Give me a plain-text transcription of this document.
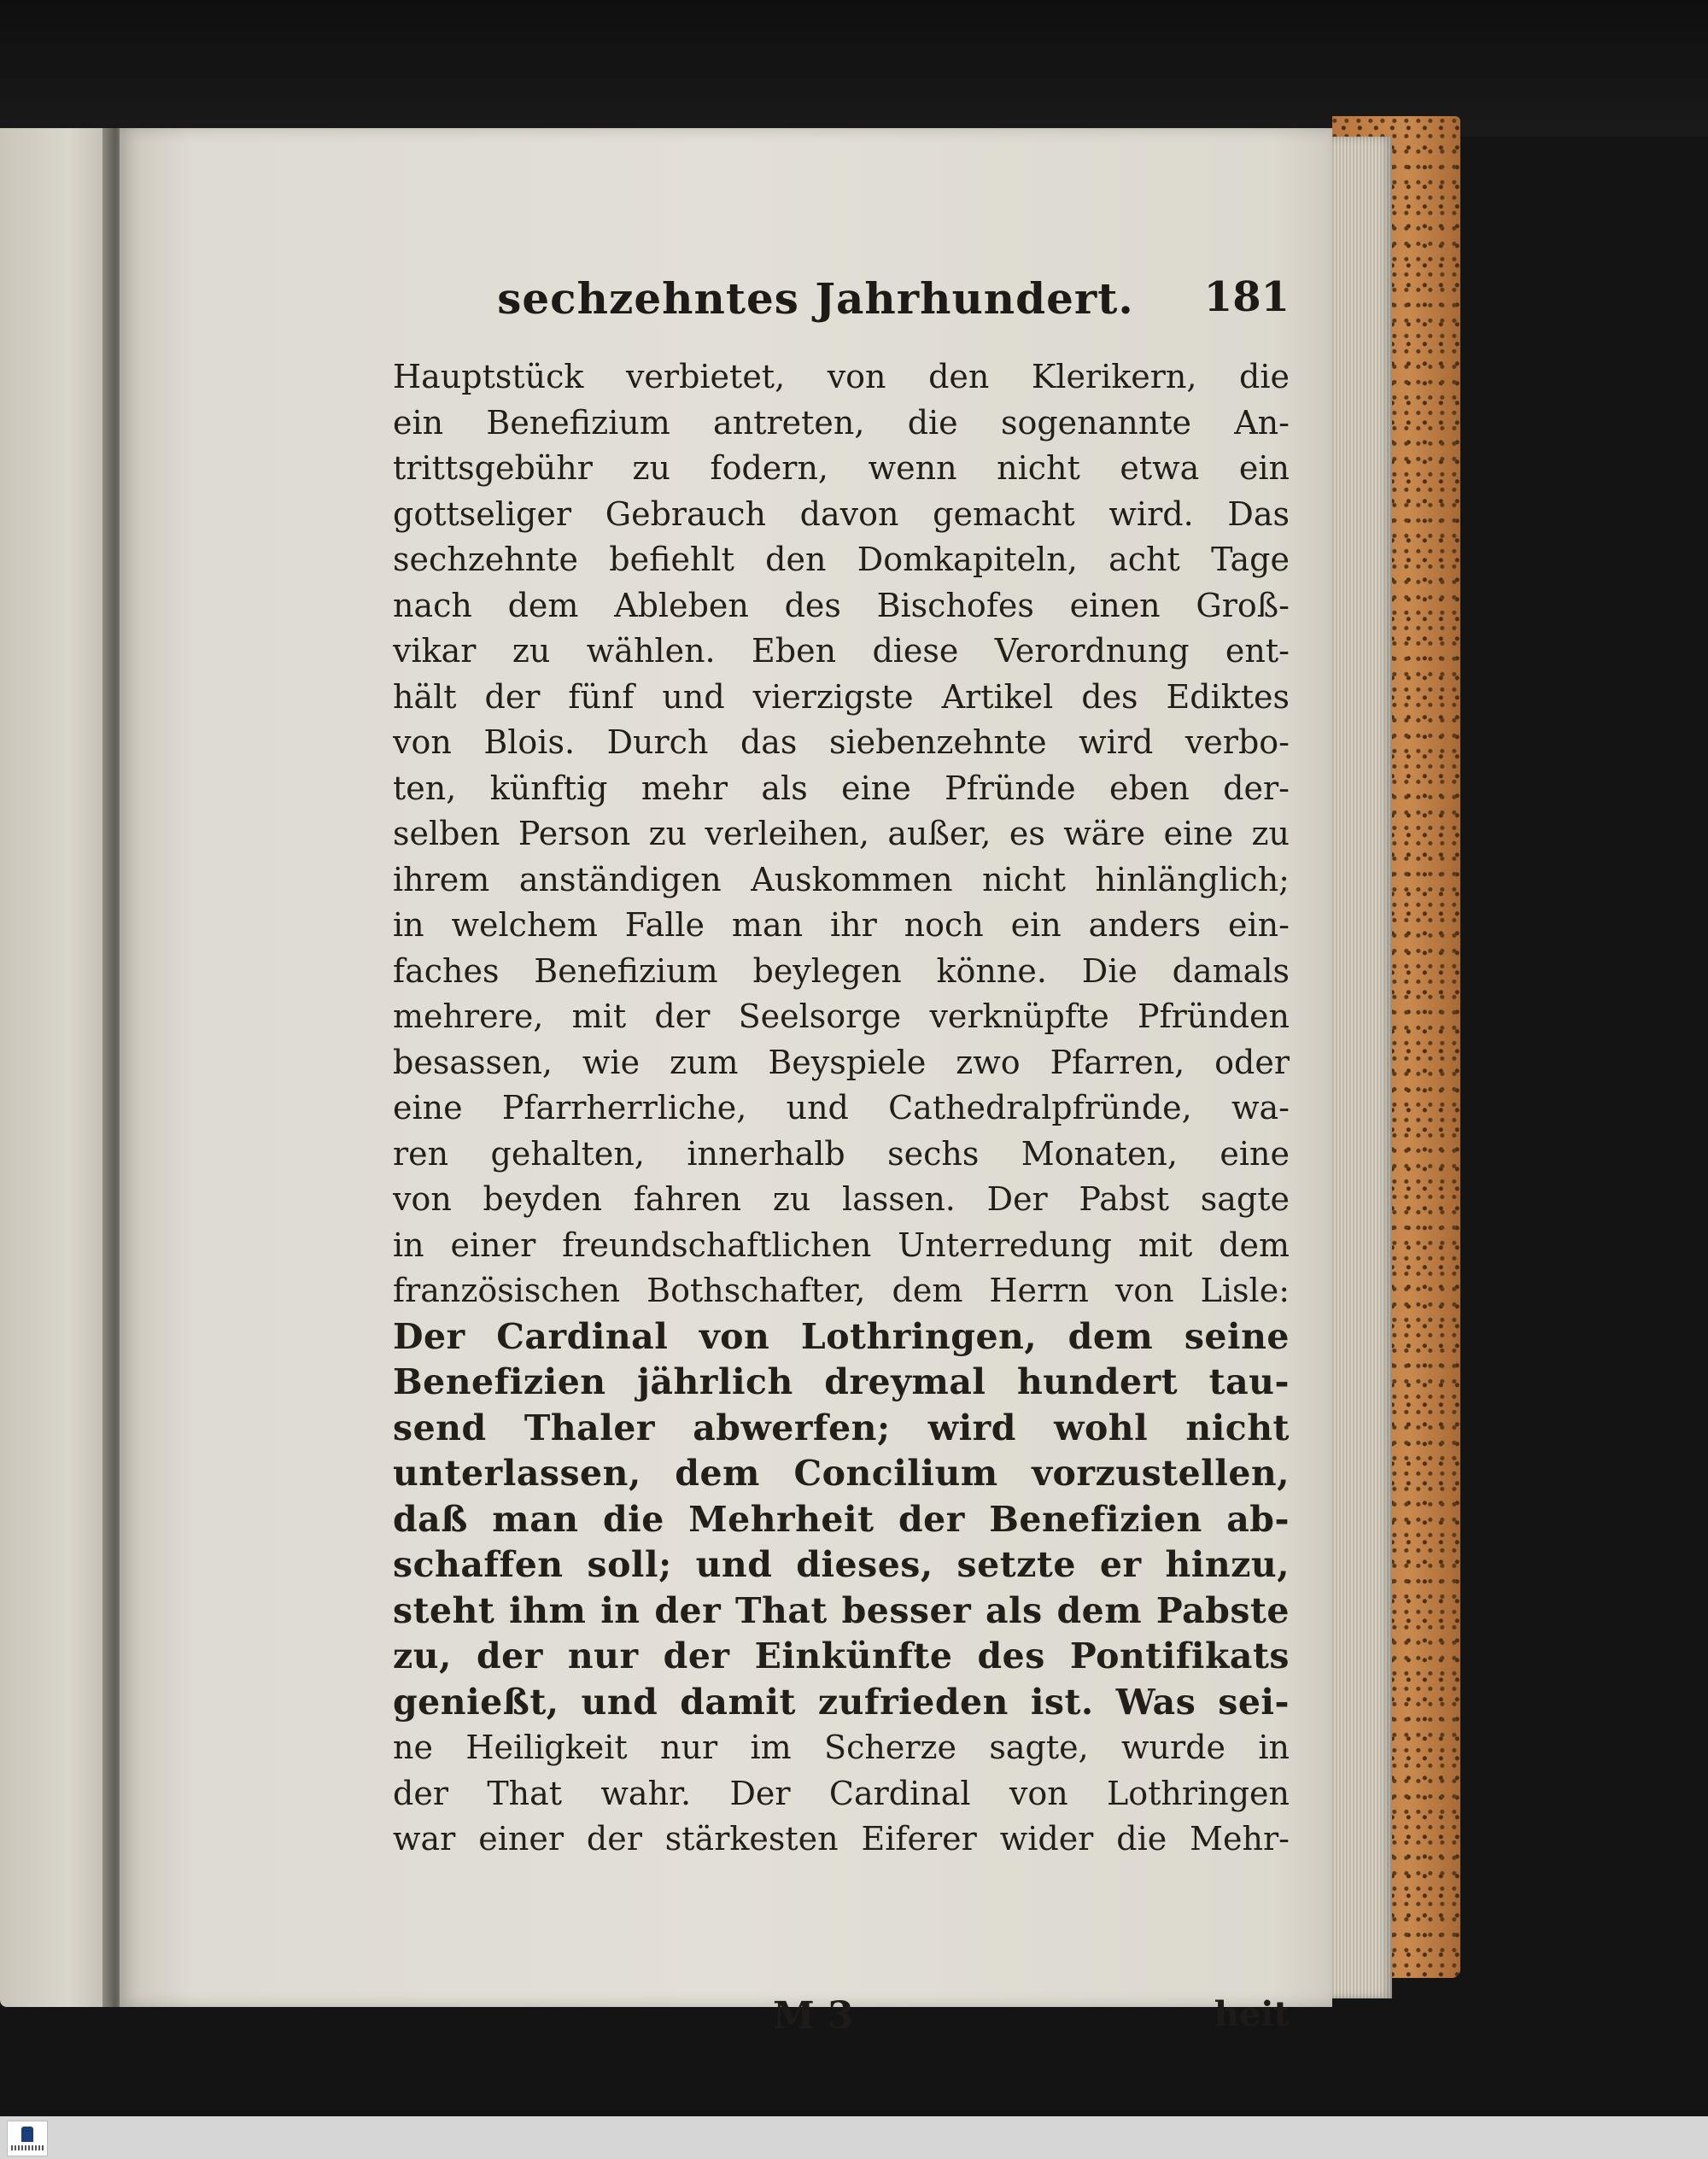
sechzehntes Jahrhundert.	181
Hauptstück verbietet, von den Klerikern, die
ein Benefizium antreten, die sogenannte An-
trittsgebühr zu fodern, wenn nicht etwa ein
gottseliger Gebrauch davon gemacht wird. Das
sechzehnte befiehlt den Domkapiteln, acht Tage
nach dem Ableben des Bischofes einen Groß-
vikar zu wählen. Eben diese Verordnung ent-
hält der fünf und vierzigste Artikel des Ediktes
von Blois. Durch das siebenzehnte wird verbo-
ten, künftig mehr als eine Pfründe eben der-
selben Person zu verleihen, außer, es wäre eine zu
ihrem anständigen Auskommen nicht hinlänglich;
in welchem Falle man ihr noch ein anders ein-
faches Benefizium beylegen könne. Die damals
mehrere, mit der Seelsorge verknüpfte Pfründen
besassen, wie zum Beyspiele zwo Pfarren, oder
eine Pfarrherrliche, und Cathedralpfründe, wa-
ren gehalten, innerhalb sechs Monaten, eine
von beyden fahren zu lassen. Der Pabst sagte
in einer freundschaftlichen Unterredung mit dem
französischen Bothschafter, dem Herrn von Lisle:
Der Cardinal von Lothringen, dem seine
Benefizien jährlich dreymal hundert tau-
send Thaler abwerfen; wird wohl nicht
unterlassen, dem Concilium vorzustellen,
daß man die Mehrheit der Benefizien ab-
schaffen soll; und dieses, setzte er hinzu,
steht ihm in der That besser als dem Pabste
zu, der nur der Einkünfte des Pontifikats
genießt, und damit zufrieden ist. Was sei-
ne Heiligkeit nur im Scherze sagte, wurde in
der That wahr. Der Cardinal von Lothringen
war einer der stärkesten Eiferer wider die Mehr-
M 3	heit
